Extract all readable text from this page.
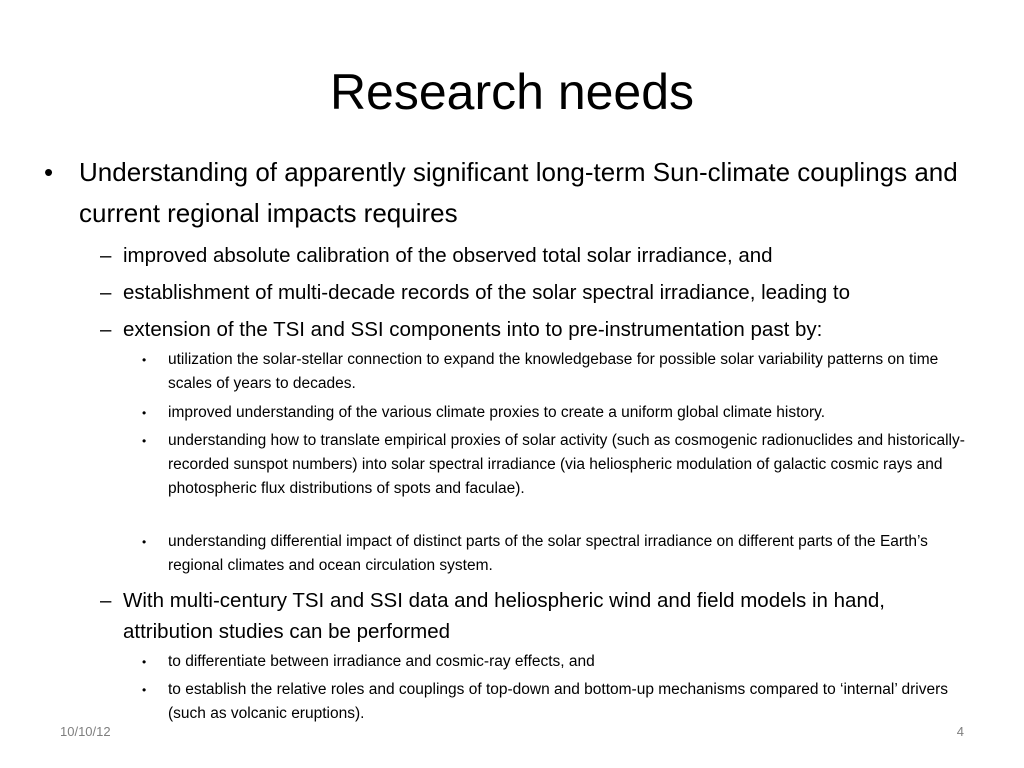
Research needs
• Understanding of apparently significant long-term Sun-climate couplings and current regional impacts requires
– improved absolute calibration of the observed total solar irradiance, and
– establishment of multi-decade records of the solar spectral irradiance, leading to
– extension of the TSI and SSI components into to pre-instrumentation past by:
•	utilization the solar-stellar connection to expand the knowledgebase for possible solar variability patterns on time scales of years to decades.
•	improved understanding of the various climate proxies to create a uniform global climate history.
•	understanding how to translate empirical proxies of solar activity (such as cosmogenic radionuclides and historically-recorded sunspot numbers) into solar spectral irradiance (via heliospheric modulation of galactic cosmic rays and photospheric flux distributions of spots and faculae).
•	understanding differential impact of distinct parts of the solar spectral irradiance on different parts of the Earth’s regional climates and ocean circulation system.
– With multi-century TSI and SSI data and heliospheric wind and field models in hand, attribution studies can be performed
•	to differentiate between irradiance and cosmic-ray effects, and
•	to establish the relative roles and couplings of top-down and bottom-up mechanisms compared to ‘internal’ drivers (such as volcanic eruptions).
10/10/12	4
